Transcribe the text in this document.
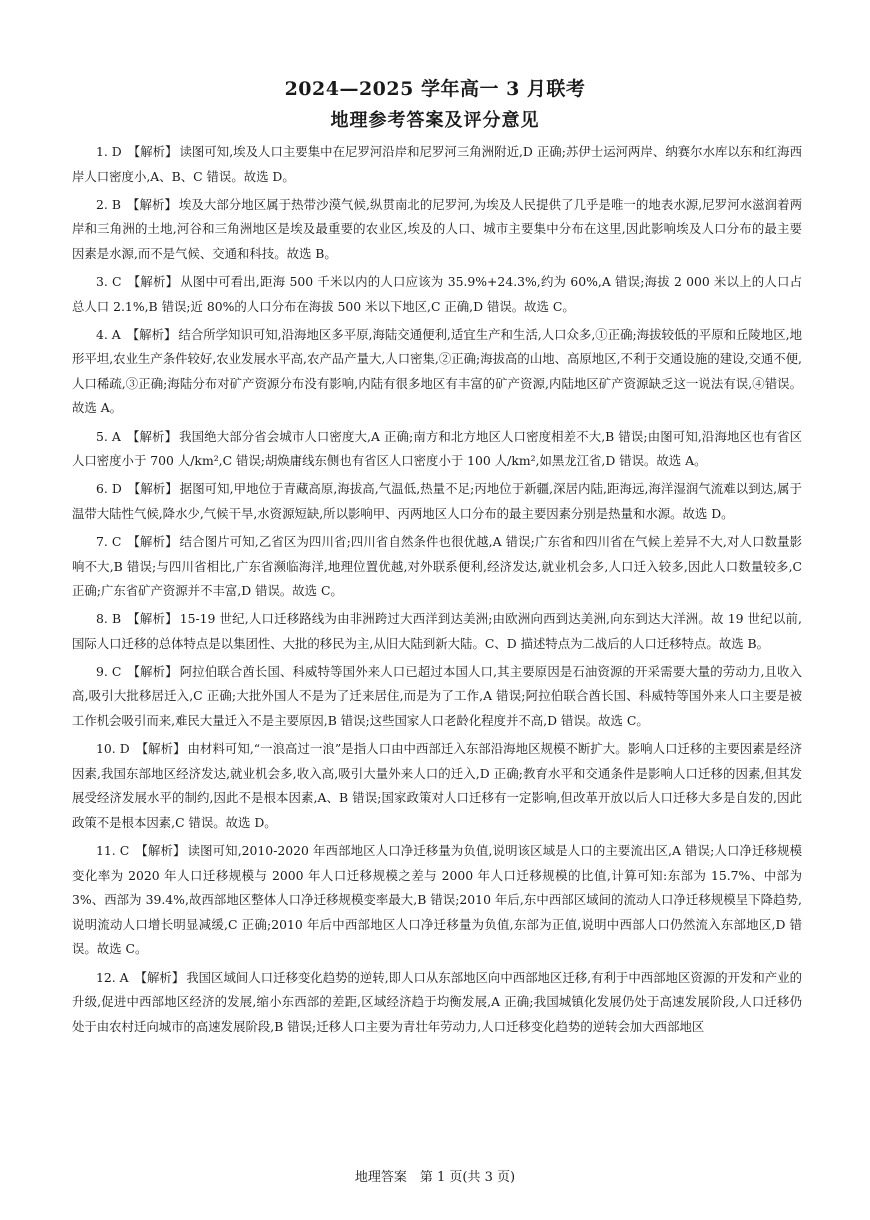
2024—2025 学年高一 3 月联考
地理参考答案及评分意见

1. D 【解析】 读图可知,埃及人口主要集中在尼罗河沿岸和尼罗河三角洲附近,D 正确;苏伊士运河两岸、纳赛尔水库以东和红海西岸人口密度小,A、B、C 错误。故选 D。

2. B 【解析】 埃及大部分地区属于热带沙漠气候,纵贯南北的尼罗河,为埃及人民提供了几乎是唯一的地表水源,尼罗河水滋润着两岸和三角洲的土地,河谷和三角洲地区是埃及最重要的农业区,埃及的人口、城市主要集中分布在这里,因此影响埃及人口分布的最主要因素是水源,而不是气候、交通和科技。故选 B。

3. C 【解析】 从图中可看出,距海 500 千米以内的人口应该为 35.9%+24.3%,约为 60%,A 错误;海拔 2 000 米以上的人口占总人口 2.1%,B 错误;近 80%的人口分布在海拔 500 米以下地区,C 正确,D 错误。故选 C。

4. A 【解析】 结合所学知识可知,沿海地区多平原,海陆交通便利,适宜生产和生活,人口众多,①正确;海拔较低的平原和丘陵地区,地形平坦,农业生产条件较好,农业发展水平高,农产品产量大,人口密集,②正确;海拔高的山地、高原地区,不利于交通设施的建设,交通不便,人口稀疏,③正确;海陆分布对矿产资源分布没有影响,内陆有很多地区有丰富的矿产资源,内陆地区矿产资源缺乏这一说法有误,④错误。故选 A。

5. A 【解析】 我国绝大部分省会城市人口密度大,A 正确;南方和北方地区人口密度相差不大,B 错误;由图可知,沿海地区也有省区人口密度小于 700 人/km²,C 错误;胡焕庸线东侧也有省区人口密度小于 100 人/km²,如黑龙江省,D 错误。故选 A。

6. D 【解析】 据图可知,甲地位于青藏高原,海拔高,气温低,热量不足;丙地位于新疆,深居内陆,距海远,海洋湿润气流难以到达,属于温带大陆性气候,降水少,气候干旱,水资源短缺,所以影响甲、丙两地区人口分布的最主要因素分别是热量和水源。故选 D。

7. C 【解析】 结合图片可知,乙省区为四川省;四川省自然条件也很优越,A 错误;广东省和四川省在气候上差异不大,对人口数量影响不大,B 错误;与四川省相比,广东省濒临海洋,地理位置优越,对外联系便利,经济发达,就业机会多,人口迁入较多,因此人口数量较多,C 正确;广东省矿产资源并不丰富,D 错误。故选 C。

8. B 【解析】 15-19 世纪,人口迁移路线为由非洲跨过大西洋到达美洲;由欧洲向西到达美洲,向东到达大洋洲。故 19 世纪以前,国际人口迁移的总体特点是以集团性、大批的移民为主,从旧大陆到新大陆。C、D 描述特点为二战后的人口迁移特点。故选 B。

9. C 【解析】 阿拉伯联合酋长国、科威特等国外来人口已超过本国人口,其主要原因是石油资源的开采需要大量的劳动力,且收入高,吸引大批移居迁入,C 正确;大批外国人不是为了迁来居住,而是为了工作,A 错误;阿拉伯联合酋长国、科威特等国外来人口主要是被工作机会吸引而来,难民大量迁入不是主要原因,B 错误;这些国家人口老龄化程度并不高,D 错误。故选 C。

10. D 【解析】 由材料可知,“一浪高过一浪”是指人口由中西部迁入东部沿海地区规模不断扩大。影响人口迁移的主要因素是经济因素,我国东部地区经济发达,就业机会多,收入高,吸引大量外来人口的迁入,D 正确;教育水平和交通条件是影响人口迁移的因素,但其发展受经济发展水平的制约,因此不是根本因素,A、B 错误;国家政策对人口迁移有一定影响,但改革开放以后人口迁移大多是自发的,因此政策不是根本因素,C 错误。故选 D。

11. C 【解析】 读图可知,2010-2020 年西部地区人口净迁移量为负值,说明该区域是人口的主要流出区,A 错误;人口净迁移规模变化率为 2020 年人口迁移规模与 2000 年人口迁移规模之差与 2000 年人口迁移规模的比值,计算可知:东部为 15.7%、中部为 3%、西部为 39.4%,故西部地区整体人口净迁移规模变率最大,B 错误;2010 年后,东中西部区域间的流动人口净迁移规模呈下降趋势,说明流动人口增长明显减缓,C 正确;2010 年后中西部地区人口净迁移量为负值,东部为正值,说明中西部人口仍然流入东部地区,D 错误。故选 C。

12. A 【解析】 我国区域间人口迁移变化趋势的逆转,即人口从东部地区向中西部地区迁移,有利于中西部地区资源的开发和产业的升级,促进中西部地区经济的发展,缩小东西部的差距,区域经济趋于均衡发展,A 正确;我国城镇化发展仍处于高速发展阶段,人口迁移仍处于由农村迁向城市的高速发展阶段,B 错误;迁移人口主要为青壮年劳动力,人口迁移变化趋势的逆转会加大西部地区

地理答案　第 1 页(共 3 页)
